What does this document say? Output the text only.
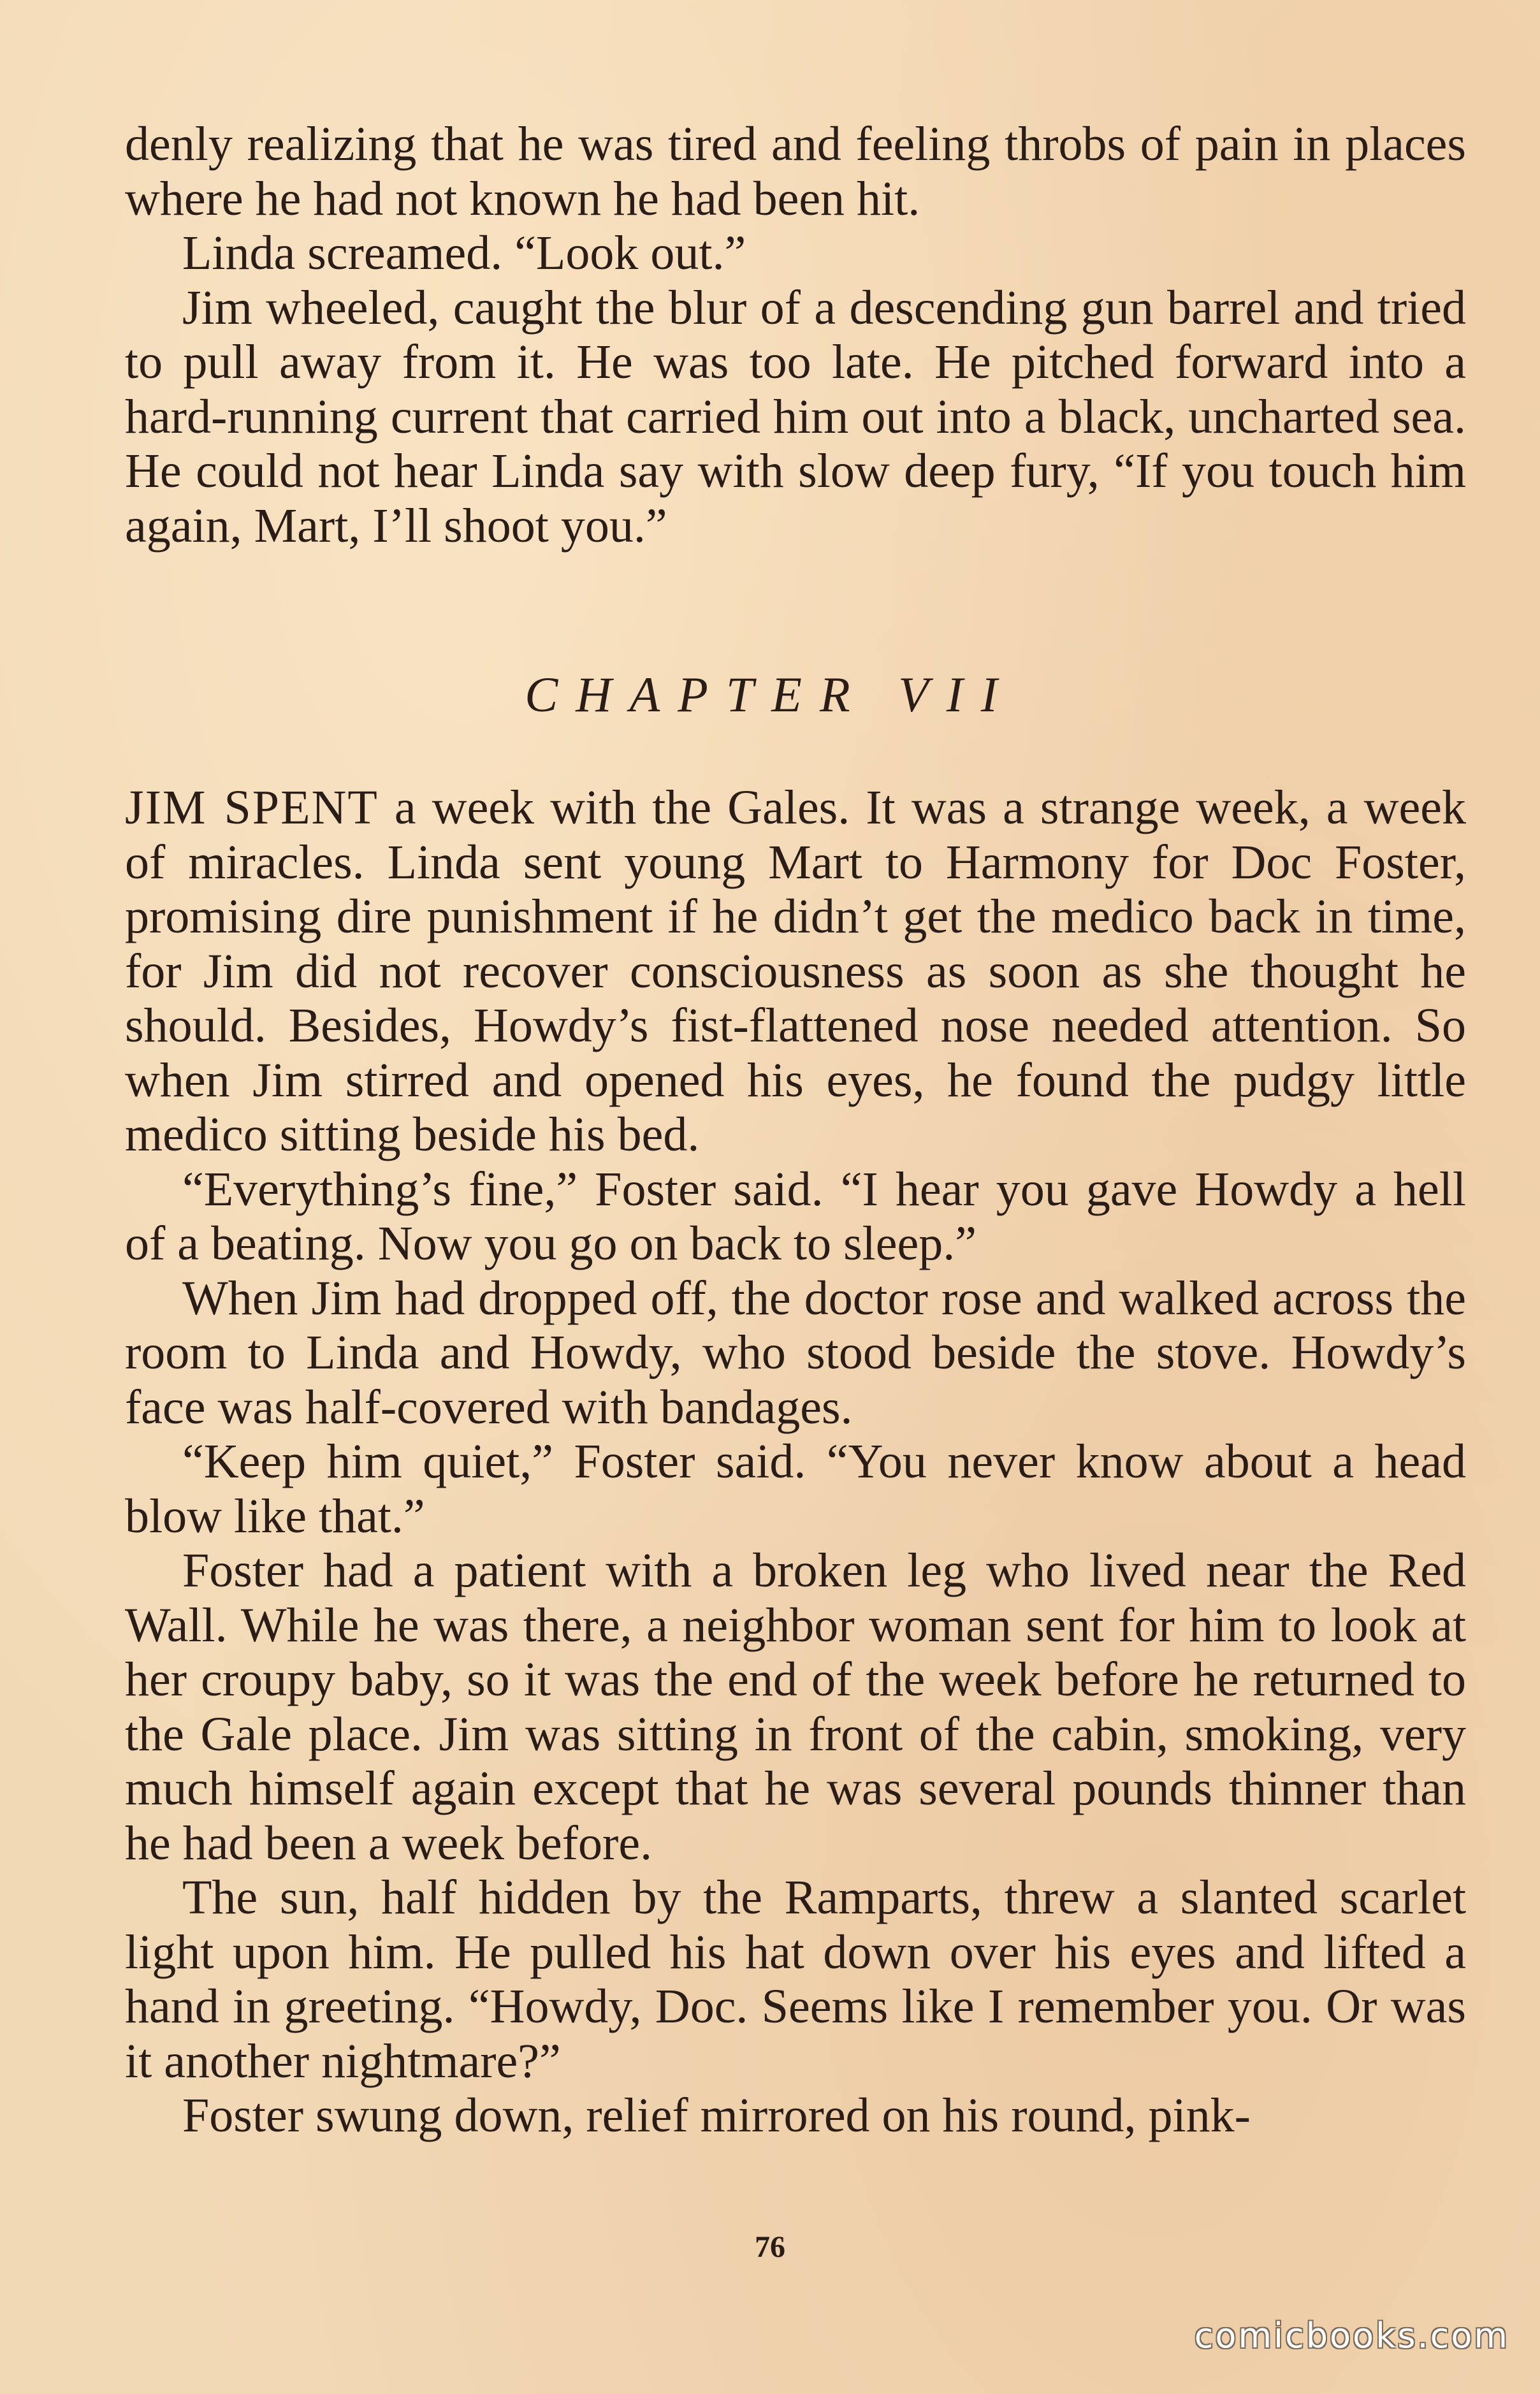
denly realizing that he was tired and feeling throbs of pain in places where he had not known he had been hit.

Linda screamed. “Look out.”

Jim wheeled, caught the blur of a descending gun barrel and tried to pull away from it. He was too late. He pitched forward into a hard-running current that carried him out into a black, uncharted sea. He could not hear Linda say with slow deep fury, “If you touch him again, Mart, I’ll shoot you.”

CHAPTER VII

JIM SPENT a week with the Gales. It was a strange week, a week of miracles. Linda sent young Mart to Harmony for Doc Foster, promising dire punishment if he didn’t get the medico back in time, for Jim did not recover consciousness as soon as she thought he should. Besides, Howdy’s fist-flattened nose needed attention. So when Jim stirred and opened his eyes, he found the pudgy little medico sitting beside his bed.

“Everything’s fine,” Foster said. “I hear you gave Howdy a hell of a beating. Now you go on back to sleep.”

When Jim had dropped off, the doctor rose and walked across the room to Linda and Howdy, who stood beside the stove. Howdy’s face was half-covered with bandages.

“Keep him quiet,” Foster said. “You never know about a head blow like that.”

Foster had a patient with a broken leg who lived near the Red Wall. While he was there, a neighbor woman sent for him to look at her croupy baby, so it was the end of the week before he returned to the Gale place. Jim was sitting in front of the cabin, smoking, very much himself again except that he was several pounds thinner than he had been a week before.

The sun, half hidden by the Ramparts, threw a slanted scarlet light upon him. He pulled his hat down over his eyes and lifted a hand in greeting. “Howdy, Doc. Seems like I remember you. Or was it another nightmare?”

Foster swung down, relief mirrored on his round, pink-

76
comicbooks.com
